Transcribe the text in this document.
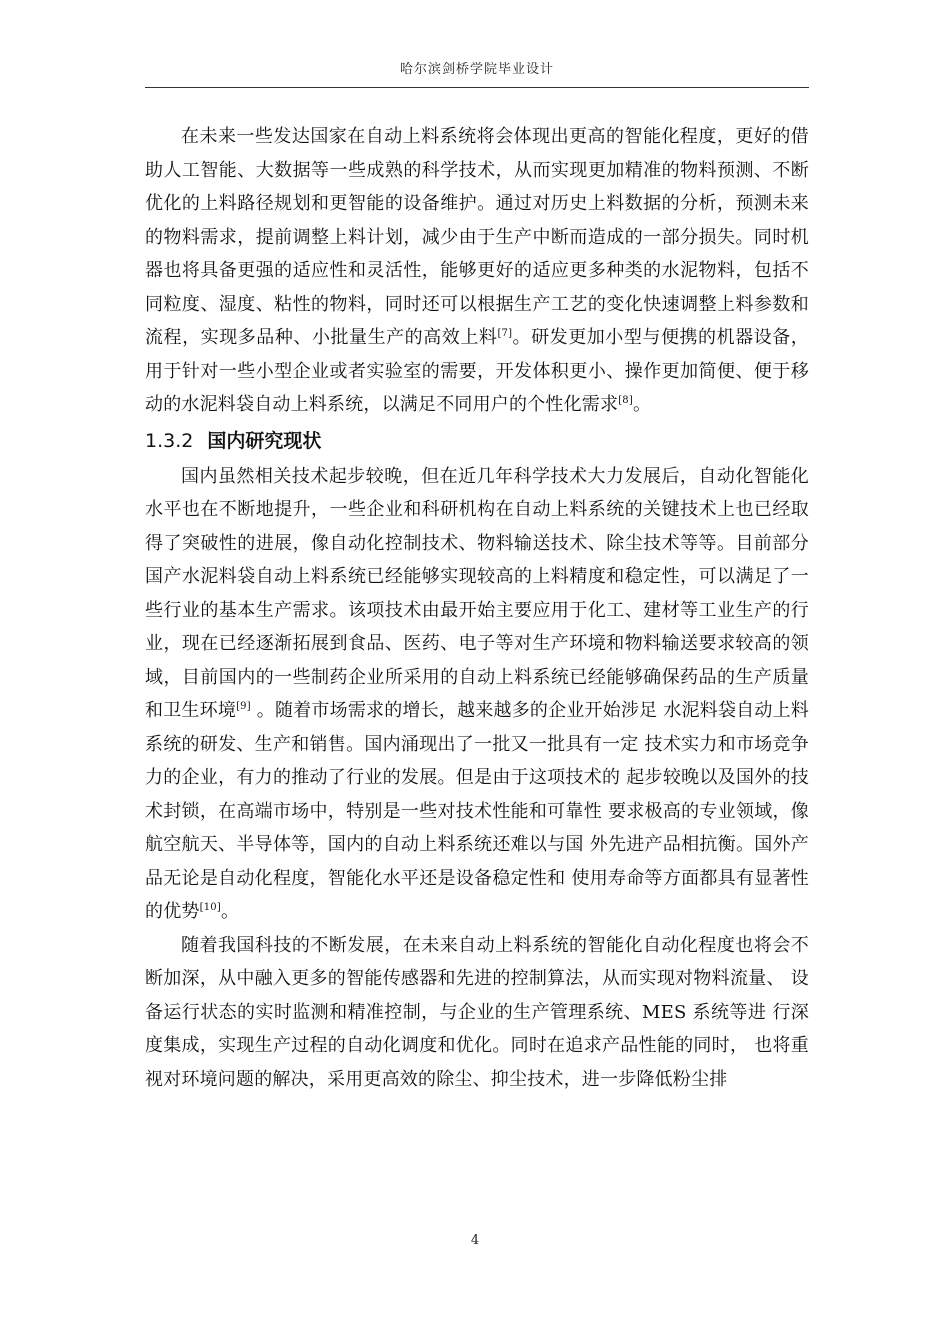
哈尔滨剑桥学院毕业设计

在未来一些发达国家在自动上料系统将会体现出更高的智能化程度，更好的借助人工智能、大数据等一些成熟的科学技术，从而实现更加精准的物料预测、不断优化的上料路径规划和更智能的设备维护。通过对历史上料数据的分析，预测未来的物料需求，提前调整上料计划，减少由于生产中断而造成的一部分损失。同时机器也将具备更强的适应性和灵活性，能够更好的适应更多种类的水泥物料，包括不同粒度、湿度、粘性的物料，同时还可以根据生产工艺的变化快速调整上料参数和流程，实现多品种、小批量生产的高效上料[7]。研发更加小型与便携的机器设备，用于针对一些小型企业或者实验室的需要，开发体积更小、操作更加简便、便于移动的水泥料袋自动上料系统，以满足不同用户的个性化需求[8]。

1.3.2 国内研究现状

国内虽然相关技术起步较晚，但在近几年科学技术大力发展后，自动化智能化水平也在不断地提升，一些企业和科研机构在自动上料系统的关键技术上也已经取得了突破性的进展，像自动化控制技术、物料输送技术、除尘技术等等。目前部分国产水泥料袋自动上料系统已经能够实现较高的上料精度和稳定性，可以满足了一些行业的基本生产需求。该项技术由最开始主要应用于化工、建材等工业生产的行业，现在已经逐渐拓展到食品、医药、电子等对生产环境和物料输送要求较高的领域，目前国内的一些制药企业所采用的自动上料系统已经能够确保药品的生产质量和卫生环境[9] 。随着市场需求的增长，越来越多的企业开始涉足 水泥料袋自动上料系统的研发、生产和销售。国内涌现出了一批又一批具有一定 技术实力和市场竞争力的企业，有力的推动了行业的发展。但是由于这项技术的 起步较晚以及国外的技术封锁，在高端市场中，特别是一些对技术性能和可靠性 要求极高的专业领域，像航空航天、半导体等，国内的自动上料系统还难以与国 外先进产品相抗衡。国外产品无论是自动化程度，智能化水平还是设备稳定性和 使用寿命等方面都具有显著性的优势[10]。

随着我国科技的不断发展，在未来自动上料系统的智能化自动化程度也将会不断加深，从中融入更多的智能传感器和先进的控制算法，从而实现对物料流量、 设备运行状态的实时监测和精准控制，与企业的生产管理系统、MES 系统等进 行深度集成，实现生产过程的自动化调度和优化。同时在追求产品性能的同时， 也将重视对环境问题的解决，采用更高效的除尘、抑尘技术，进一步降低粉尘排

4
